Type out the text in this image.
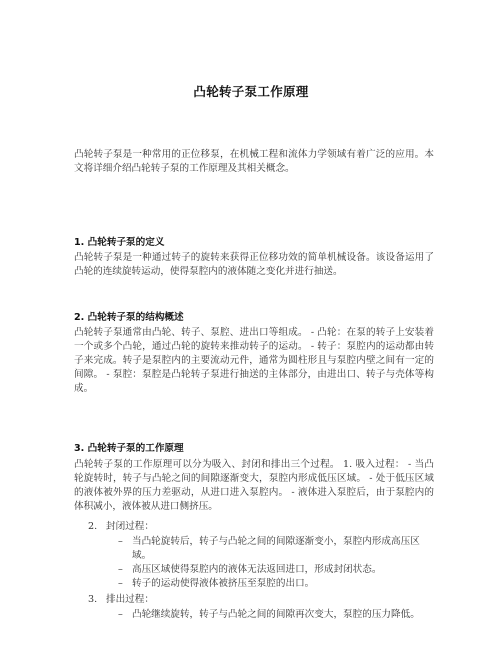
凸轮转子泵工作原理
凸轮转子泵是一种常用的正位移泵，在机械工程和流体力学领域有着广泛的应用。本文将详细介绍凸轮转子泵的工作原理及其相关概念。
1. 凸轮转子泵的定义
凸轮转子泵是一种通过转子的旋转来获得正位移功效的简单机械设备。该设备运用了凸轮的连续旋转运动，使得泵腔内的液体随之变化并进行抽送。
2. 凸轮转子泵的结构概述
凸轮转子泵通常由凸轮、转子、泵腔、进出口等组成。 - 凸轮：在泵的转子上安装着一个或多个凸轮，通过凸轮的旋转来推动转子的运动。 - 转子：泵腔内的运动都由转子来完成。转子是泵腔内的主要流动元件，通常为圆柱形且与泵腔内壁之间有一定的间隙。 - 泵腔：泵腔是凸轮转子泵进行抽送的主体部分，由进出口、转子与壳体等构成。
3. 凸轮转子泵的工作原理
凸轮转子泵的工作原理可以分为吸入、封闭和排出三个过程。 1. 吸入过程： - 当凸轮旋转时，转子与凸轮之间的间隙逐渐变大，泵腔内形成低压区域。 - 处于低压区域的液体被外界的压力差驱动，从进口进入泵腔内。 - 液体进入泵腔后，由于泵腔内的体积减小，液体被从进口侧挤压。
2. 封闭过程：
– 当凸轮旋转后，转子与凸轮之间的间隙逐渐变小，泵腔内形成高压区域。
– 高压区域使得泵腔内的液体无法返回进口，形成封闭状态。
– 转子的运动使得液体被挤压至泵腔的出口。
3. 排出过程：
– 凸轮继续旋转，转子与凸轮之间的间隙再次变大，泵腔的压力降低。
